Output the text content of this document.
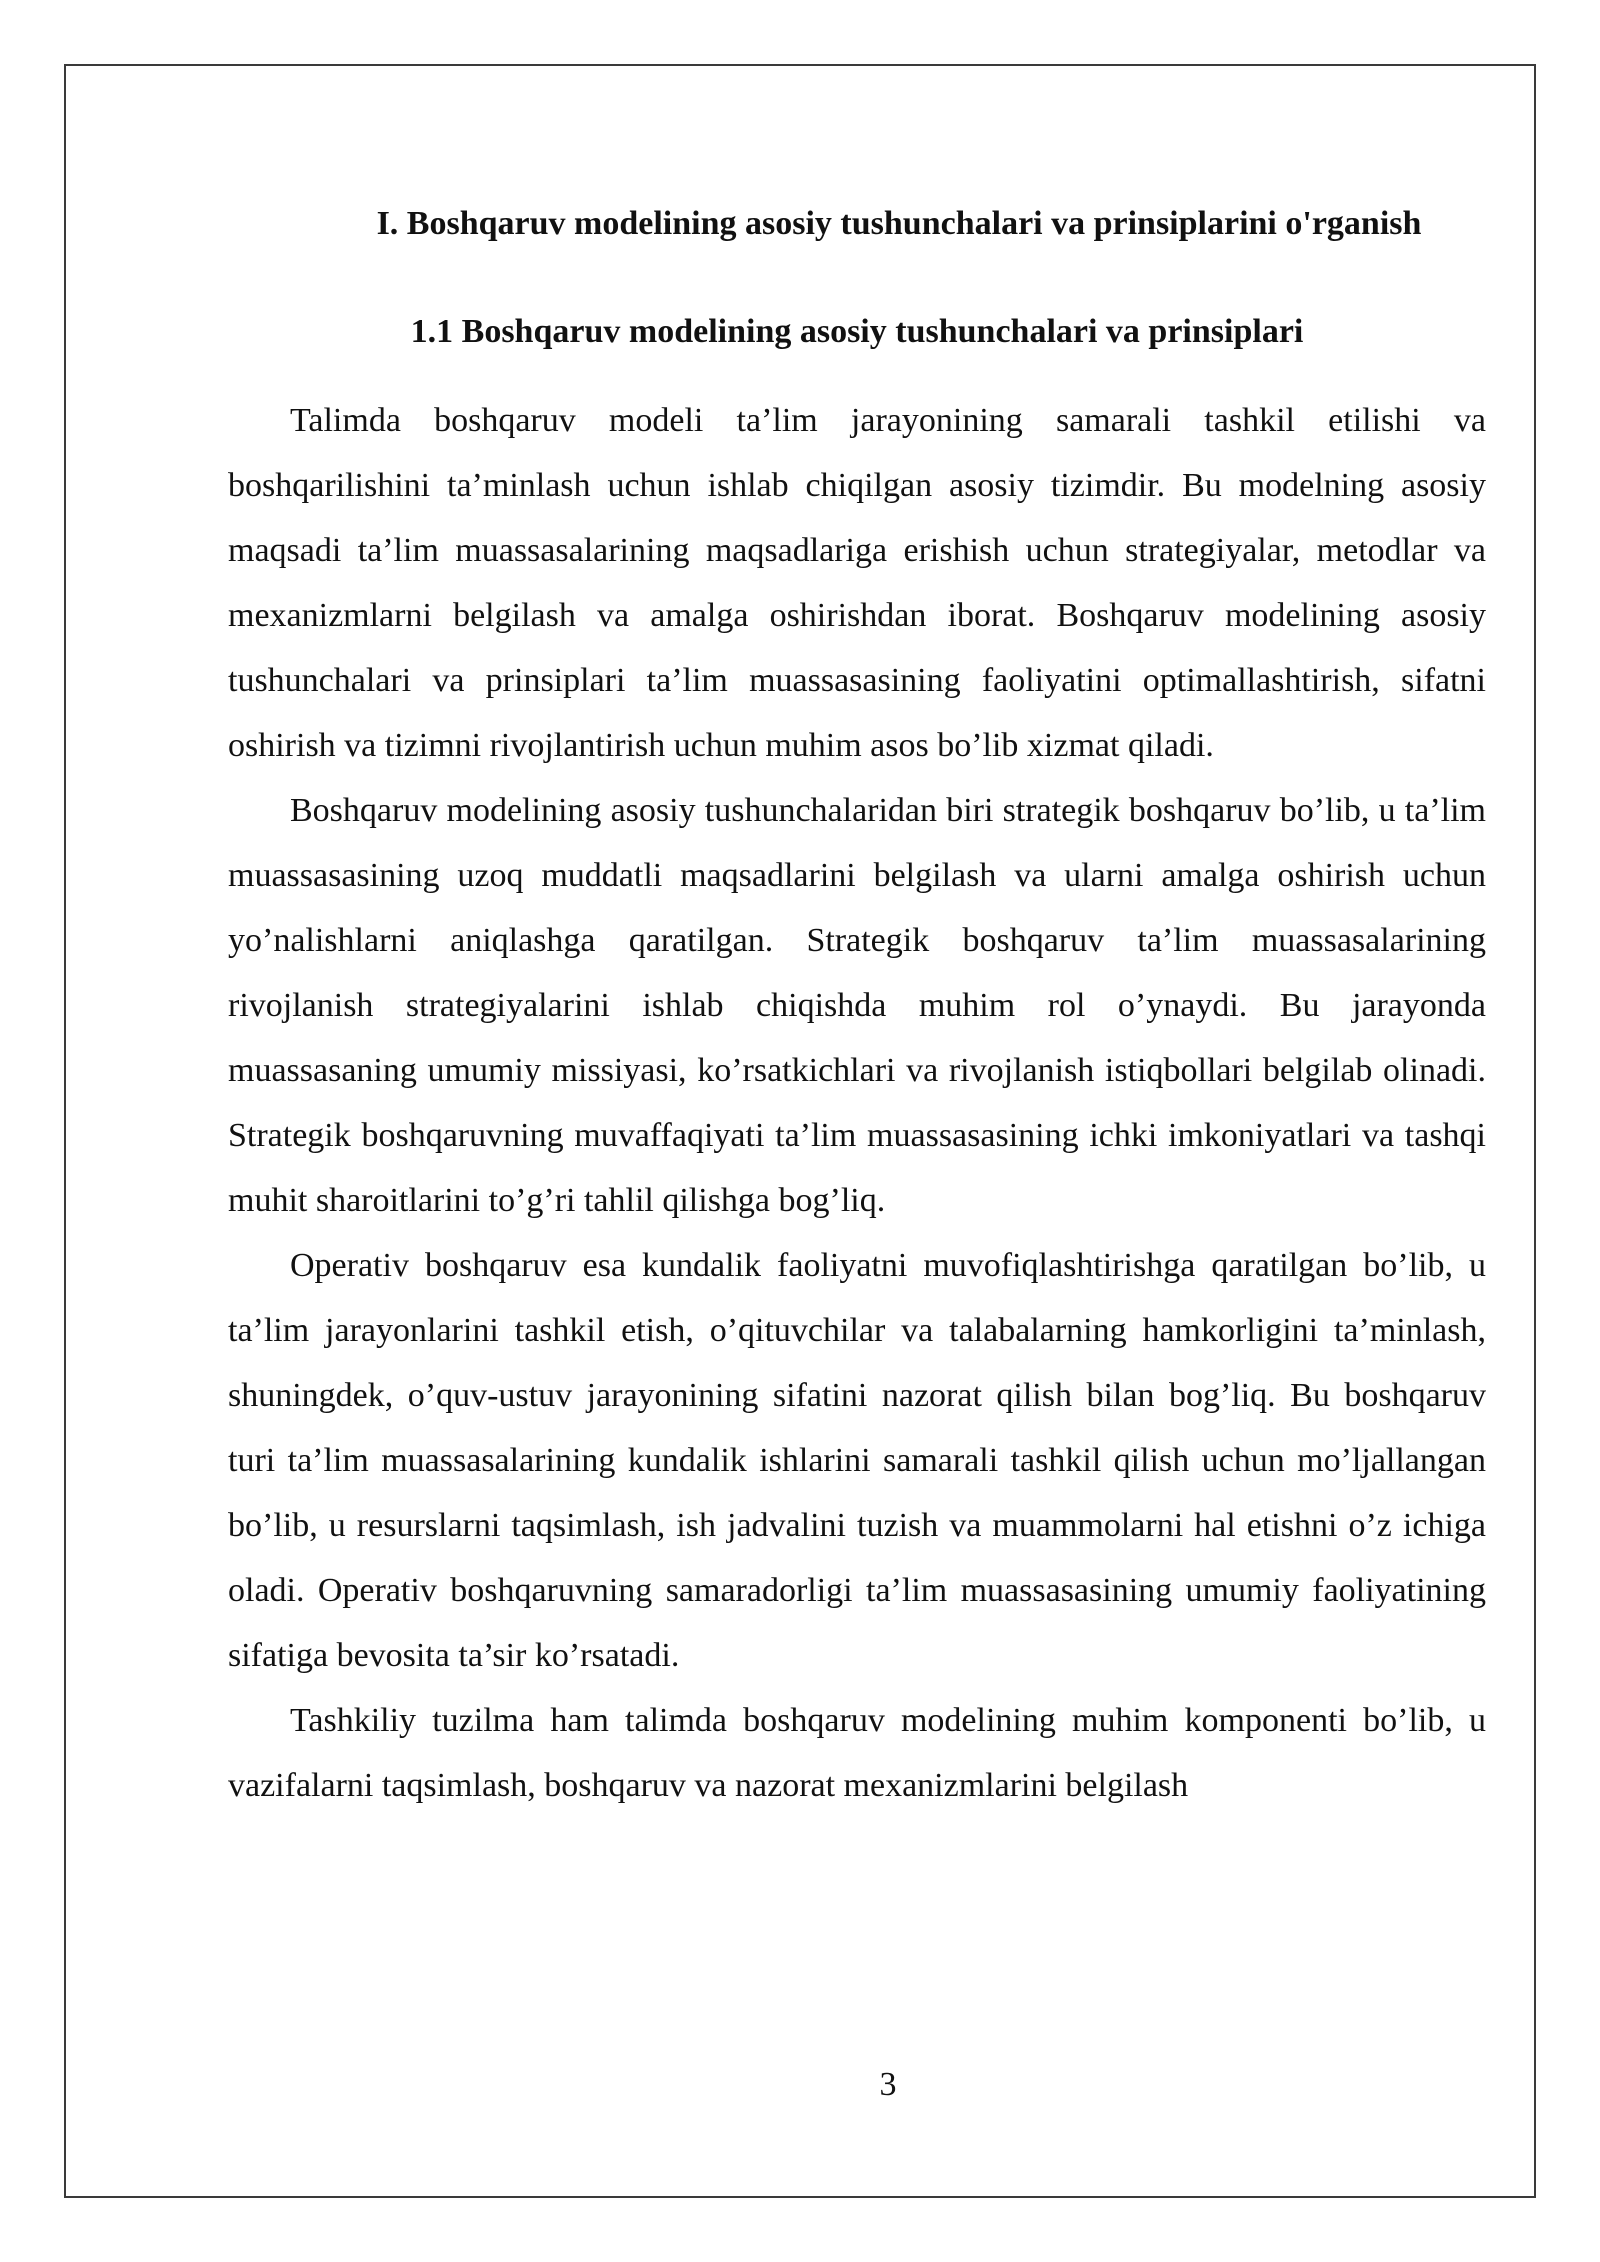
I. Boshqaruv modelining asosiy tushunchalari va prinsiplarini o'rganish
1.1 Boshqaruv modelining asosiy tushunchalari va prinsiplari

Talimda boshqaruv modeli ta’lim jarayonining samarali tashkil etilishi va boshqarilishini ta’minlash uchun ishlab chiqilgan asosiy tizimdir. Bu modelning asosiy maqsadi ta’lim muassasalarining maqsadlariga erishish uchun strategiyalar, metodlar va mexanizmlarni belgilash va amalga oshirishdan iborat. Boshqaruv modelining asosiy tushunchalari va prinsiplari ta’lim muassasasining faoliyatini optimallashtirish, sifatni oshirish va tizimni rivojlantirish uchun muhim asos bo’lib xizmat qiladi.

Boshqaruv modelining asosiy tushunchalaridan biri strategik boshqaruv bo’lib, u ta’lim muassasasining uzoq muddatli maqsadlarini belgilash va ularni amalga oshirish uchun yo’nalishlarni aniqlashga qaratilgan. Strategik boshqaruv ta’lim muassasalarining rivojlanish strategiyalarini ishlab chiqishda muhim rol o’ynaydi. Bu jarayonda muassasaning umumiy missiyasi, ko’rsatkichlari va rivojlanish istiqbollari belgilab olinadi. Strategik boshqaruvning muvaffaqiyati ta’lim muassasasining ichki imkoniyatlari va tashqi muhit sharoitlarini to’g’ri tahlil qilishga bog’liq.

Operativ boshqaruv esa kundalik faoliyatni muvofiqlashtirishga qaratilgan bo’lib, u ta’lim jarayonlarini tashkil etish, o’qituvchilar va talabalarning hamkorligini ta’minlash, shuningdek, o’quv-ustuv jarayonining sifatini nazorat qilish bilan bog’liq. Bu boshqaruv turi ta’lim muassasalarining kundalik ishlarini samarali tashkil qilish uchun mo’ljallangan bo’lib, u resurslarni taqsimlash, ish jadvalini tuzish va muammolarni hal etishni o’z ichiga oladi. Operativ boshqaruvning samaradorligi ta’lim muassasasining umumiy faoliyatining sifatiga bevosita ta’sir ko’rsatadi.

Tashkiliy tuzilma ham talimda boshqaruv modelining muhim komponenti bo’lib, u vazifalarni taqsimlash, boshqaruv va nazorat mexanizmlarini belgilash

3
